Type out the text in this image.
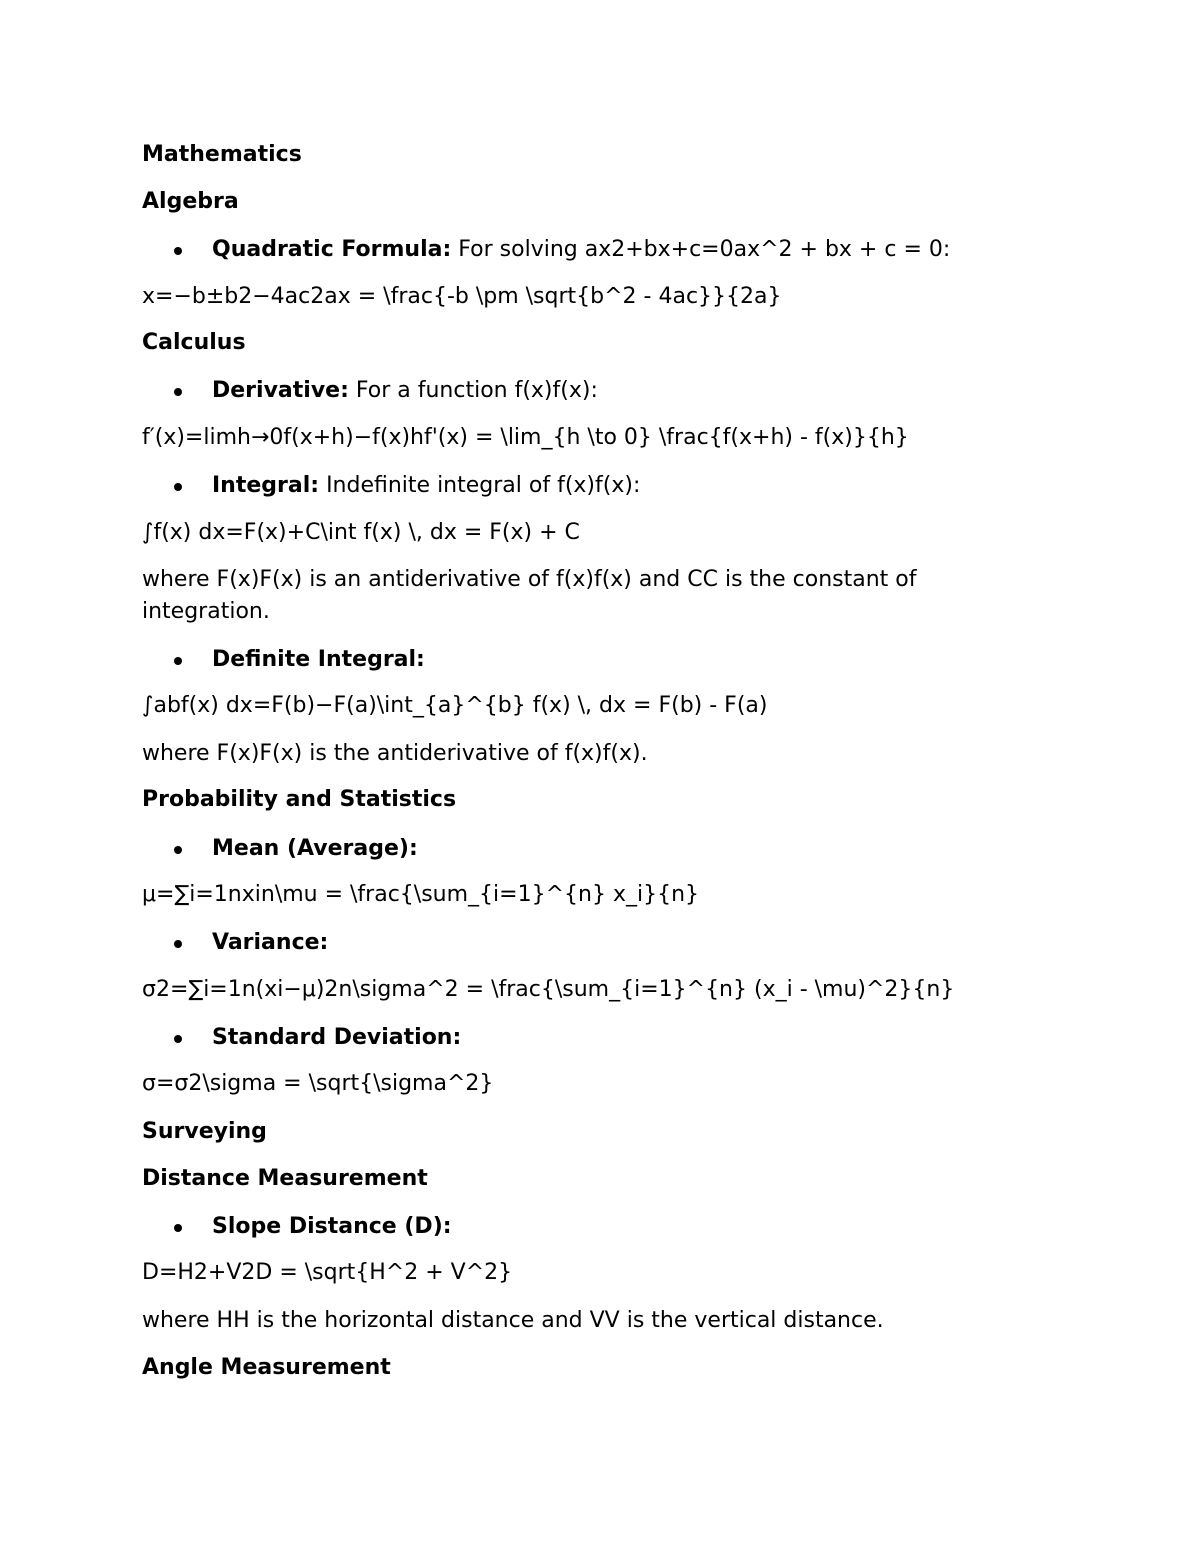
Mathematics
Algebra
Quadratic Formula: For solving ax2+bx+c=0ax^2 + bx + c = 0:
x=−b±b2−4ac2ax = \frac{-b \pm \sqrt{b^2 - 4ac}}{2a}
Calculus
Derivative: For a function f(x)f(x):
f′(x)=limh→0f(x+h)−f(x)hf'(x) = \lim_{h \to 0} \frac{f(x+h) - f(x)}{h}
Integral: Indefinite integral of f(x)f(x):
∫f(x) dx=F(x)+C\int f(x) \, dx = F(x) + C
where F(x)F(x) is an antiderivative of f(x)f(x) and CC is the constant of integration.
Definite Integral:
∫abf(x) dx=F(b)−F(a)\int_{a}^{b} f(x) \, dx = F(b) - F(a)
where F(x)F(x) is the antiderivative of f(x)f(x).
Probability and Statistics
Mean (Average):
μ=∑i=1nxin\mu = \frac{\sum_{i=1}^{n} x_i}{n}
Variance:
σ2=∑i=1n(xi−μ)2n\sigma^2 = \frac{\sum_{i=1}^{n} (x_i - \mu)^2}{n}
Standard Deviation:
σ=σ2\sigma = \sqrt{\sigma^2}
Surveying
Distance Measurement
Slope Distance (D):
D=H2+V2D = \sqrt{H^2 + V^2}
where HH is the horizontal distance and VV is the vertical distance.
Angle Measurement
